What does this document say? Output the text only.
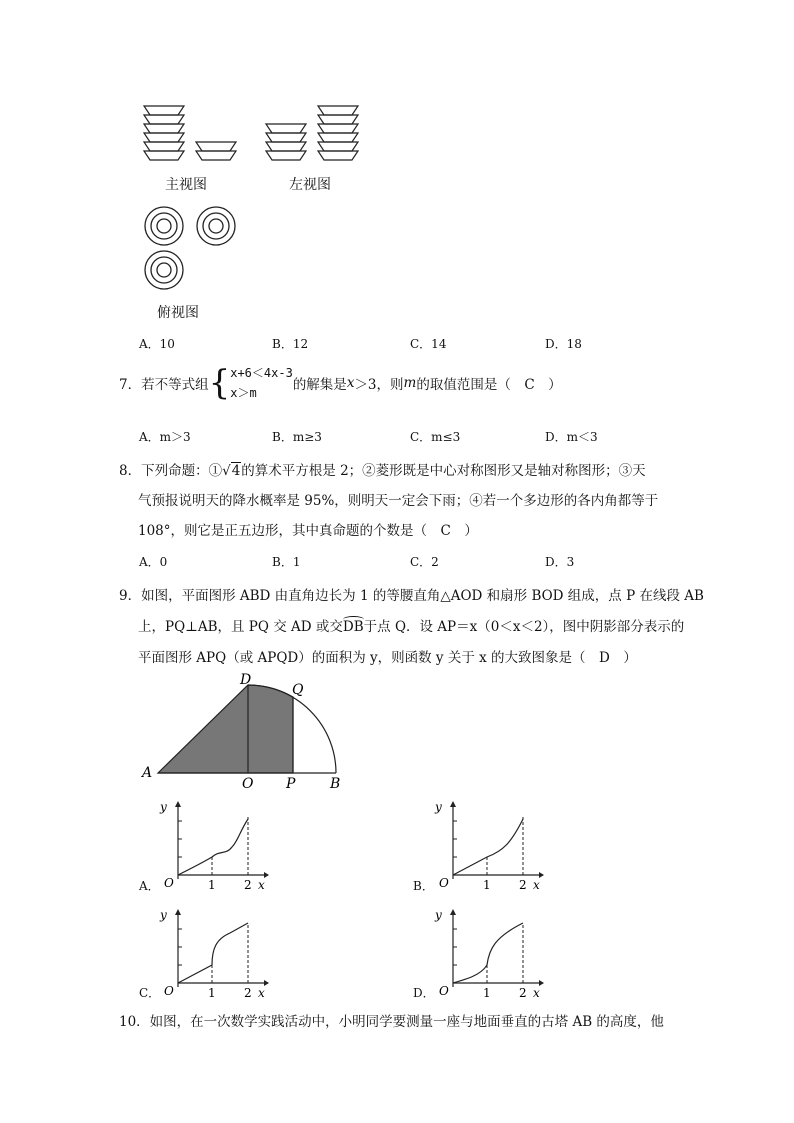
主视图	左视图
俯视图
A．10	B．12	C．14	D．18
7．若不等式组{ x+6＜4x-3
x＞m	的解集是x＞3，则m的取值范围是（　C　）
A．m＞3	B．m≥3	C．m≤3	D．m＜3
8．下列命题：①√4的算术平方根是 2；②菱形既是中心对称图形又是轴对称图形；③天
气预报说明天的降水概率是 95%，则明天一定会下雨；④若一个多边形的各内角都等于
108°，则它是正五边形，其中真命题的个数是（　C　）
A．0	B．1	C．2	D．3
9．如图，平面图形 ABD 由直角边长为 1 的等腰直角△AOD 和扇形 BOD 组成，点 P 在线段 AB
上，PQ⊥AB，且 PQ 交 AD 或交
DB于点 Q．设 AP＝x（0＜x＜2），图中阴影部分表示的
平面图形 APQ（或 APQD）的面积为 y，则函数 y 关于 x 的大致图象是（　D　）
A
O P B
D
Q
y
x
O	1 2
y
x
O	1 2
y
x
O	1 2
y
x
O	1 2
A．	B．
C．	D．
10．如图，在一次数学实践活动中，小明同学要测量一座与地面垂直的古塔 AB 的高度，他
